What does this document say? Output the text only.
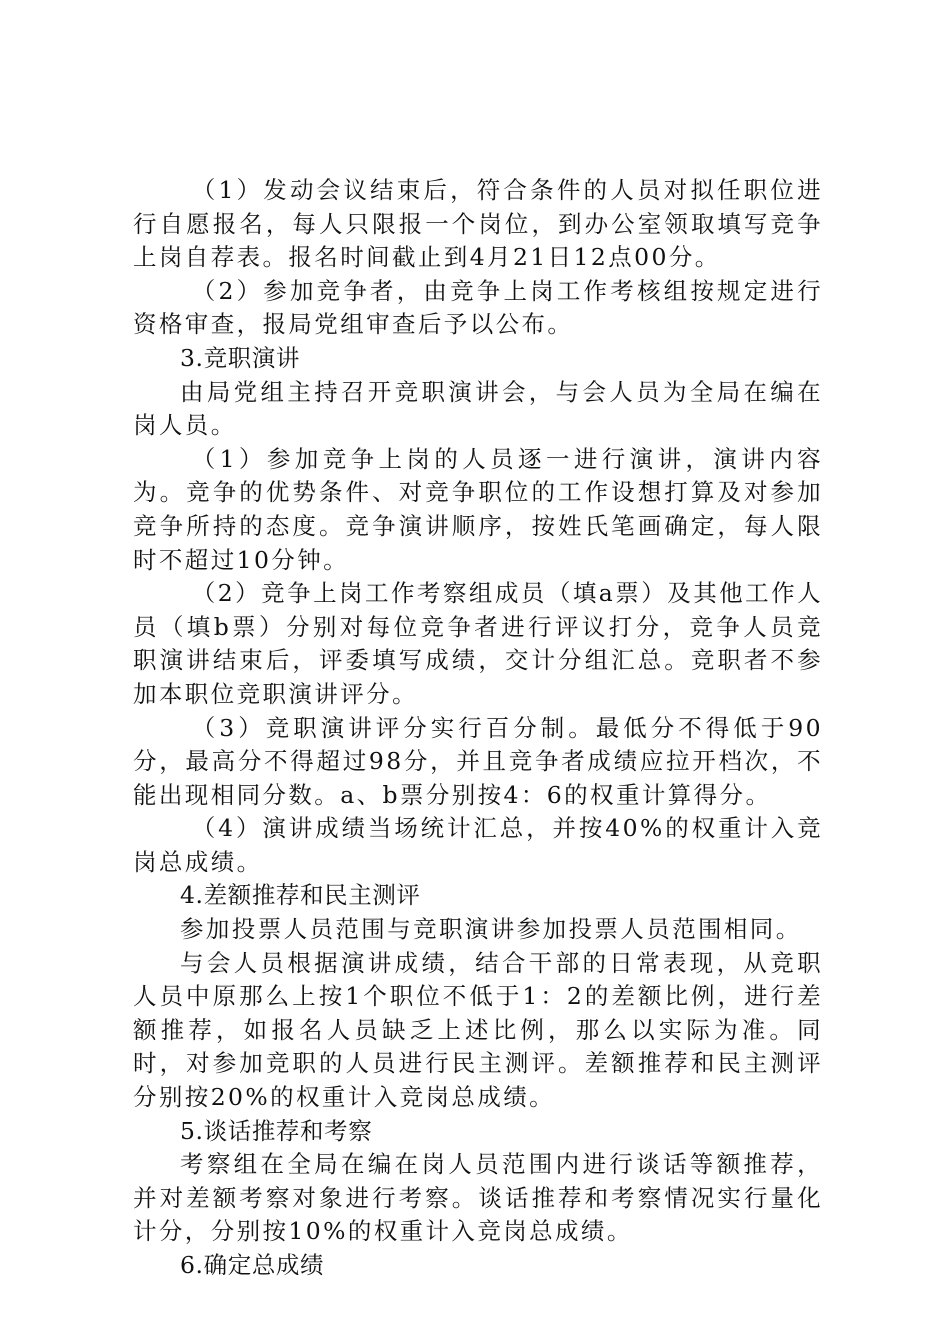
（1）发动会议结束后，符合条件的人员对拟任职位进行自愿报名，每人只限报一个岗位，到办公室领取填写竞争上岗自荐表。报名时间截止到4月21日12点00分。

（2）参加竞争者，由竞争上岗工作考核组按规定进行资格审查，报局党组审查后予以公布。

3.竞职演讲

由局党组主持召开竞职演讲会，与会人员为全局在编在岗人员。

（1）参加竞争上岗的人员逐一进行演讲，演讲内容为。竞争的优势条件、对竞争职位的工作设想打算及对参加竞争所持的态度。竞争演讲顺序，按姓氏笔画确定，每人限时不超过10分钟。

（2）竞争上岗工作考察组成员（填a票）及其他工作人员（填b票）分别对每位竞争者进行评议打分，竞争人员竞职演讲结束后，评委填写成绩，交计分组汇总。竞职者不参加本职位竞职演讲评分。

（3）竞职演讲评分实行百分制。最低分不得低于90分，最高分不得超过98分，并且竞争者成绩应拉开档次，不能出现相同分数。a、b票分别按4：6的权重计算得分。

（4）演讲成绩当场统计汇总，并按40%的权重计入竞岗总成绩。

4.差额推荐和民主测评

参加投票人员范围与竞职演讲参加投票人员范围相同。

与会人员根据演讲成绩，结合干部的日常表现，从竞职人员中原那么上按1个职位不低于1：2的差额比例，进行差额推荐，如报名人员缺乏上述比例，那么以实际为准。同时，对参加竞职的人员进行民主测评。差额推荐和民主测评分别按20%的权重计入竞岗总成绩。

5.谈话推荐和考察

考察组在全局在编在岗人员范围内进行谈话等额推荐，并对差额考察对象进行考察。谈话推荐和考察情况实行量化计分，分别按10%的权重计入竞岗总成绩。

6.确定总成绩
